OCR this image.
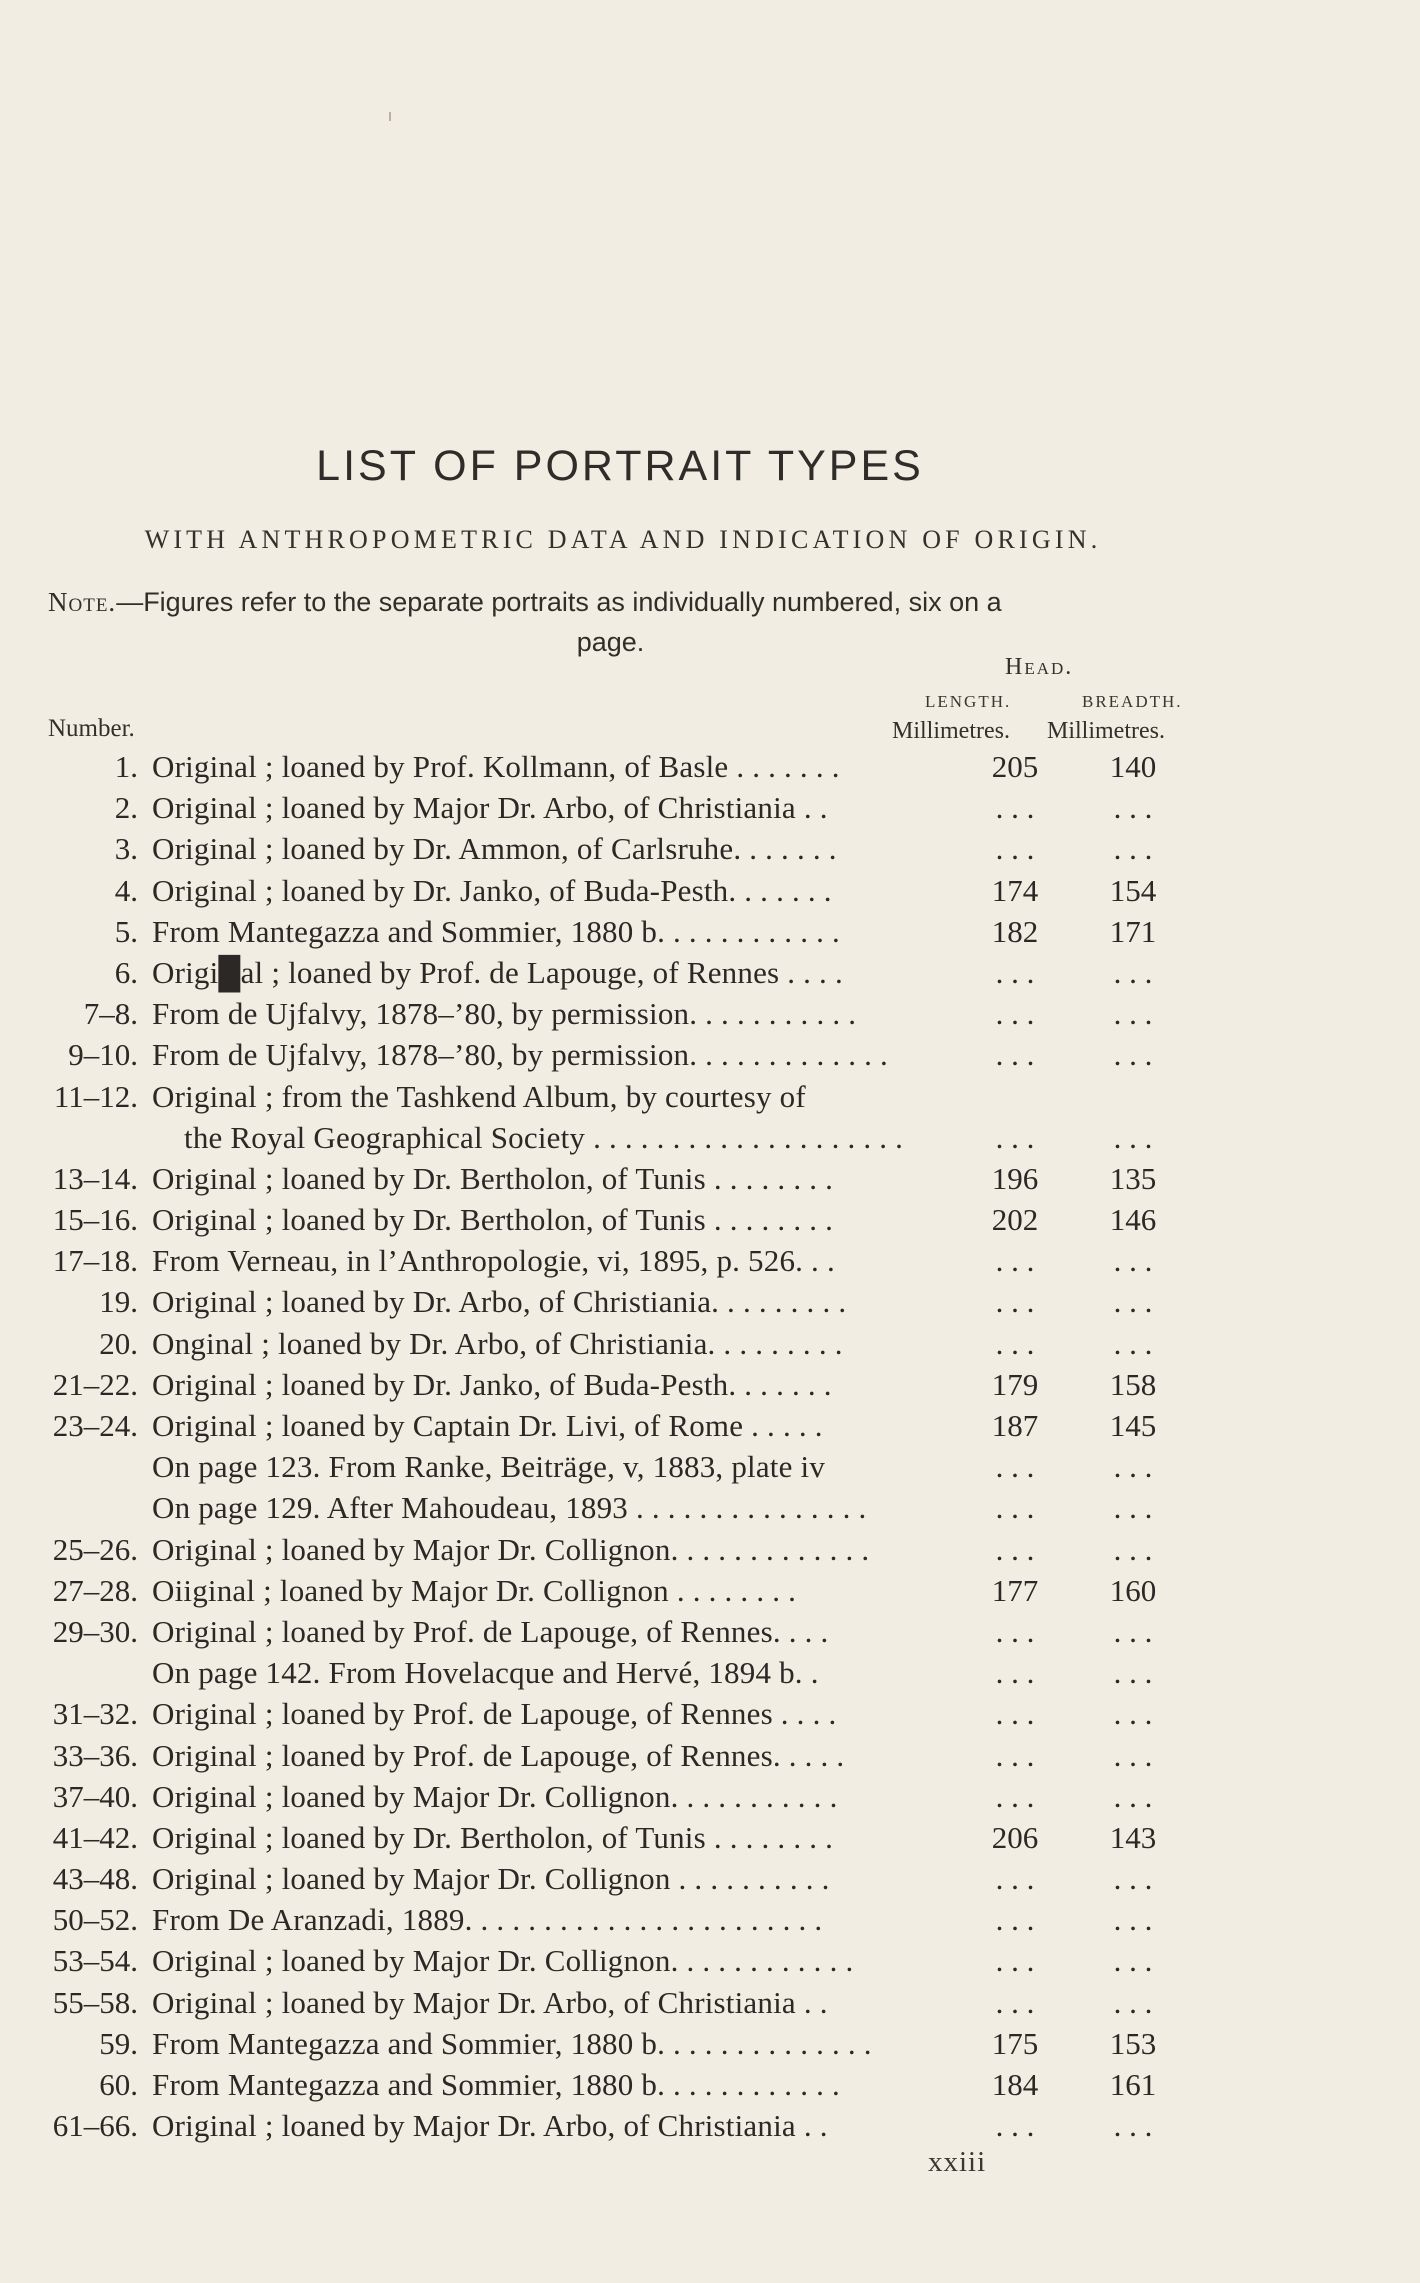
LIST OF PORTRAIT TYPES
WITH ANTHROPOMETRIC DATA AND INDICATION OF ORIGIN.
Note.—Figures refer to the separate portraits as individually numbered, six on a
page.
Head.
LENGTH.	BREADTH.
Millimetres. Millimetres.
Number.
1. Original ; loaned by Prof. Kollmann, of Basle . . . . . . .	205	140
2. Original ; loaned by Major Dr. Arbo, of Christiania . .	. . .	. . .
3. Original ; loaned by Dr. Ammon, of Carlsruhe. . . . . . .	. . .	. . .
4. Original ; loaned by Dr. Janko, of Buda-Pesth. . . . . . .	174	154
5. From Mantegazza and Sommier, 1880 b. . . . . . . . . . . .	182	171
6. Origi█al ; loaned by Prof. de Lapouge, of Rennes . . . .	. . .	. . .
7–8. From de Ujfalvy, 1878–’80, by permission. . . . . . . . . . .	. . .	. . .
9–10. From de Ujfalvy, 1878–’80, by permission. . . . . . . . . . . . .	. . .	. . .
11–12. Original ; from the Tashkend Album, by courtesy of
the Royal Geographical Society . . . . . . . . . . . . . . . . . . . .	. . .	. . .
13–14. Original ; loaned by Dr. Bertholon, of Tunis . . . . . . . .	196	135
15–16. Original ; loaned by Dr. Bertholon, of Tunis . . . . . . . .	202	146
17–18. From Verneau, in l’Anthropologie, vi, 1895, p. 526. . .	. . .	. . .
19. Original ; loaned by Dr. Arbo, of Christiania. . . . . . . . .	. . .	. . .
20. Onginal ; loaned by Dr. Arbo, of Christiania. . . . . . . . .	. . .	. . .
21–22. Original ; loaned by Dr. Janko, of Buda-Pesth. . . . . . .	179	158
23–24. Original ; loaned by Captain Dr. Livi, of Rome . . . . .	187	145
On page 123. From Ranke, Beiträge, v, 1883, plate iv	. . .	. . .
On page 129. After Mahoudeau, 1893 . . . . . . . . . . . . . . .	. . .	. . .
25–26. Original ; loaned by Major Dr. Collignon. . . . . . . . . . . . .	. . .	. . .
27–28. Oiiginal ; loaned by Major Dr. Collignon . . . . . . . .	177	160
29–30. Original ; loaned by Prof. de Lapouge, of Rennes. . . .	. . .	. . .
On page 142. From Hovelacque and Hervé, 1894 b. .	. . .	. . .
31–32. Original ; loaned by Prof. de Lapouge, of Rennes . . . .	. . .	. . .
33–36. Original ; loaned by Prof. de Lapouge, of Rennes. . . . .	. . .	. . .
37–40. Original ; loaned by Major Dr. Collignon. . . . . . . . . . .	. . .	. . .
41–42. Original ; loaned by Dr. Bertholon, of Tunis . . . . . . . .	206	143
43–48. Original ; loaned by Major Dr. Collignon . . . . . . . . . .	. . .	. . .
50–52. From De Aranzadi, 1889. . . . . . . . . . . . . . . . . . . . . . .	. . .	. . .
53–54. Original ; loaned by Major Dr. Collignon. . . . . . . . . . . .	. . .	. . .
55–58. Original ; loaned by Major Dr. Arbo, of Christiania . .	. . .	. . .
59. From Mantegazza and Sommier, 1880 b. . . . . . . . . . . . . .	175	153
60. From Mantegazza and Sommier, 1880 b. . . . . . . . . . . .	184	161
61–66. Original ; loaned by Major Dr. Arbo, of Christiania . .	. . .	. . .
xxiii
